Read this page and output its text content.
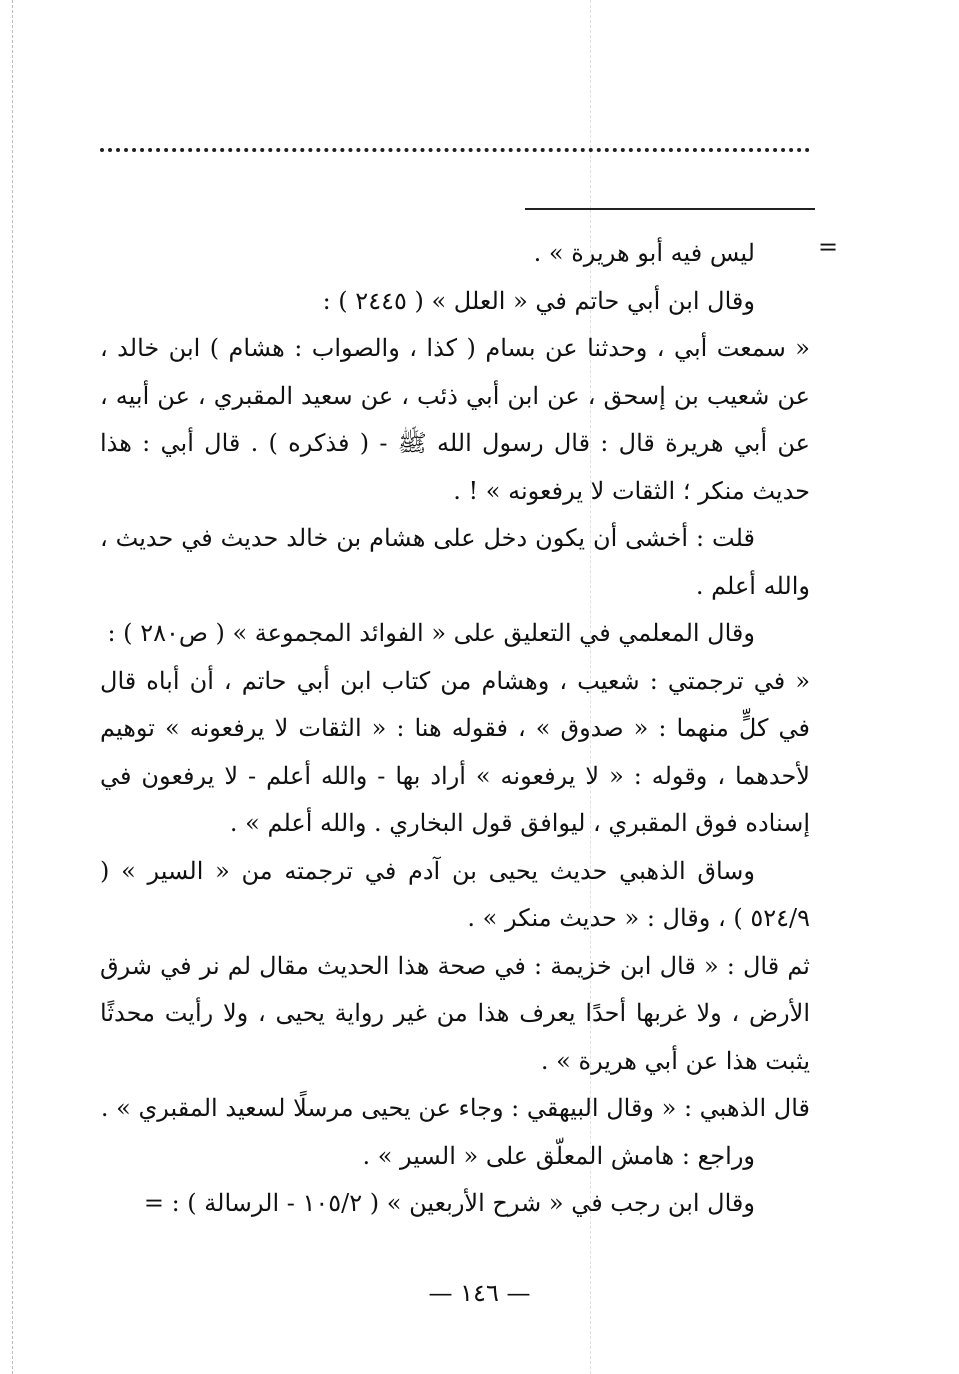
=

ليس فيه أبو هريرة » .

وقال ابن أبي حاتم في « العلل » ( ٢٤٤٥ ) :

« سمعت أبي ، وحدثنا عن بسام ( كذا ، والصواب : هشام ) ابن خالد ، عن شعيب بن إسحق ، عن ابن أبي ذئب ، عن سعيد المقبري ، عن أبيه ، عن أبي هريرة قال : قال رسول الله ﷺ - ( فذكره ) . قال أبي : هذا حديث منكر ؛ الثقات لا يرفعونه » ! .

قلت : أخشى أن يكون دخل على هشام بن خالد حديث في حديث ، والله أعلم .

وقال المعلمي في التعليق على « الفوائد المجموعة » ( ص٢٨٠ ) :

« في ترجمتي : شعيب ، وهشام من كتاب ابن أبي حاتم ، أن أباه قال في كلٍّ منهما : « صدوق » ، فقوله هنا : « الثقات لا يرفعونه » توهيم لأحدهما ، وقوله : « لا يرفعونه » أراد بها - والله أعلم - لا يرفعون في إسناده فوق المقبري ، ليوافق قول البخاري . والله أعلم » .

وساق الذهبي حديث يحيى بن آدم في ترجمته من « السير » ( ٥٢٤/٩ ) ، وقال : « حديث منكر » .

ثم قال : « قال ابن خزيمة : في صحة هذا الحديث مقال لم نر في شرق الأرض ، ولا غربها أحدًا يعرف هذا من غير رواية يحيى ، ولا رأيت محدثًا يثبت هذا عن أبي هريرة » .

قال الذهبي : « وقال البيهقي : وجاء عن يحيى مرسلًا لسعيد المقبري » .

وراجع : هامش المعلّق على « السير » .

وقال ابن رجب في « شرح الأربعين » ( ١٠٥/٢ - الرسالة ) : =

— ١٤٦ —
